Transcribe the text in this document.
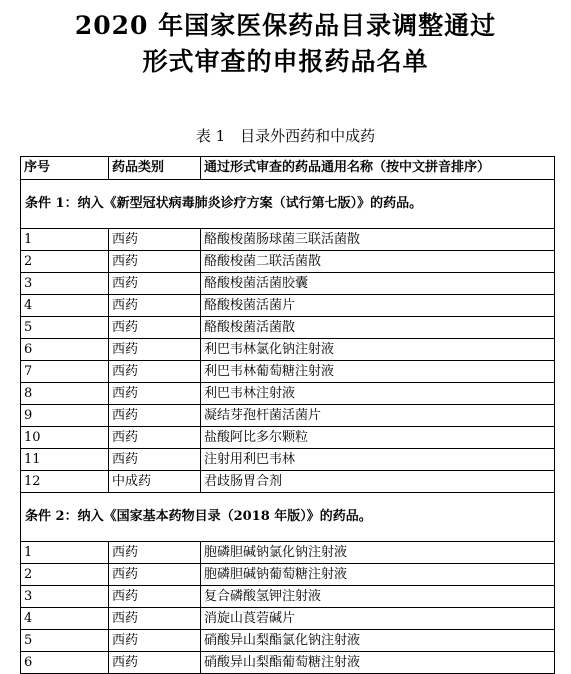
2020 年国家医保药品目录调整通过
形式审查的申报药品名单
表 1　目录外西药和中成药
序号	药品类别	通过形式审查的药品通用名称（按中文拼音排序）
条件 1：纳入《新型冠状病毒肺炎诊疗方案（试行第七版）》的药品。		
1	西药	酪酸梭菌肠球菌三联活菌散
2	西药	酪酸梭菌二联活菌散
3	西药	酪酸梭菌活菌胶囊
4	西药	酪酸梭菌活菌片
5	西药	酪酸梭菌活菌散
6	西药	利巴韦林氯化钠注射液
7	西药	利巴韦林葡萄糖注射液
8	西药	利巴韦林注射液
9	西药	凝结芽孢杆菌活菌片
10	西药	盐酸阿比多尔颗粒
11	西药	注射用利巴韦林
12	中成药	君歧肠胃合剂
条件 2：纳入《国家基本药物目录（2018 年版）》的药品。		
1	西药	胞磷胆碱钠氯化钠注射液
2	西药	胞磷胆碱钠葡萄糖注射液
3	西药	复合磷酸氢钾注射液
4	西药	消旋山莨菪碱片
5	西药	硝酸异山梨酯氯化钠注射液
6	西药	硝酸异山梨酯葡萄糖注射液
